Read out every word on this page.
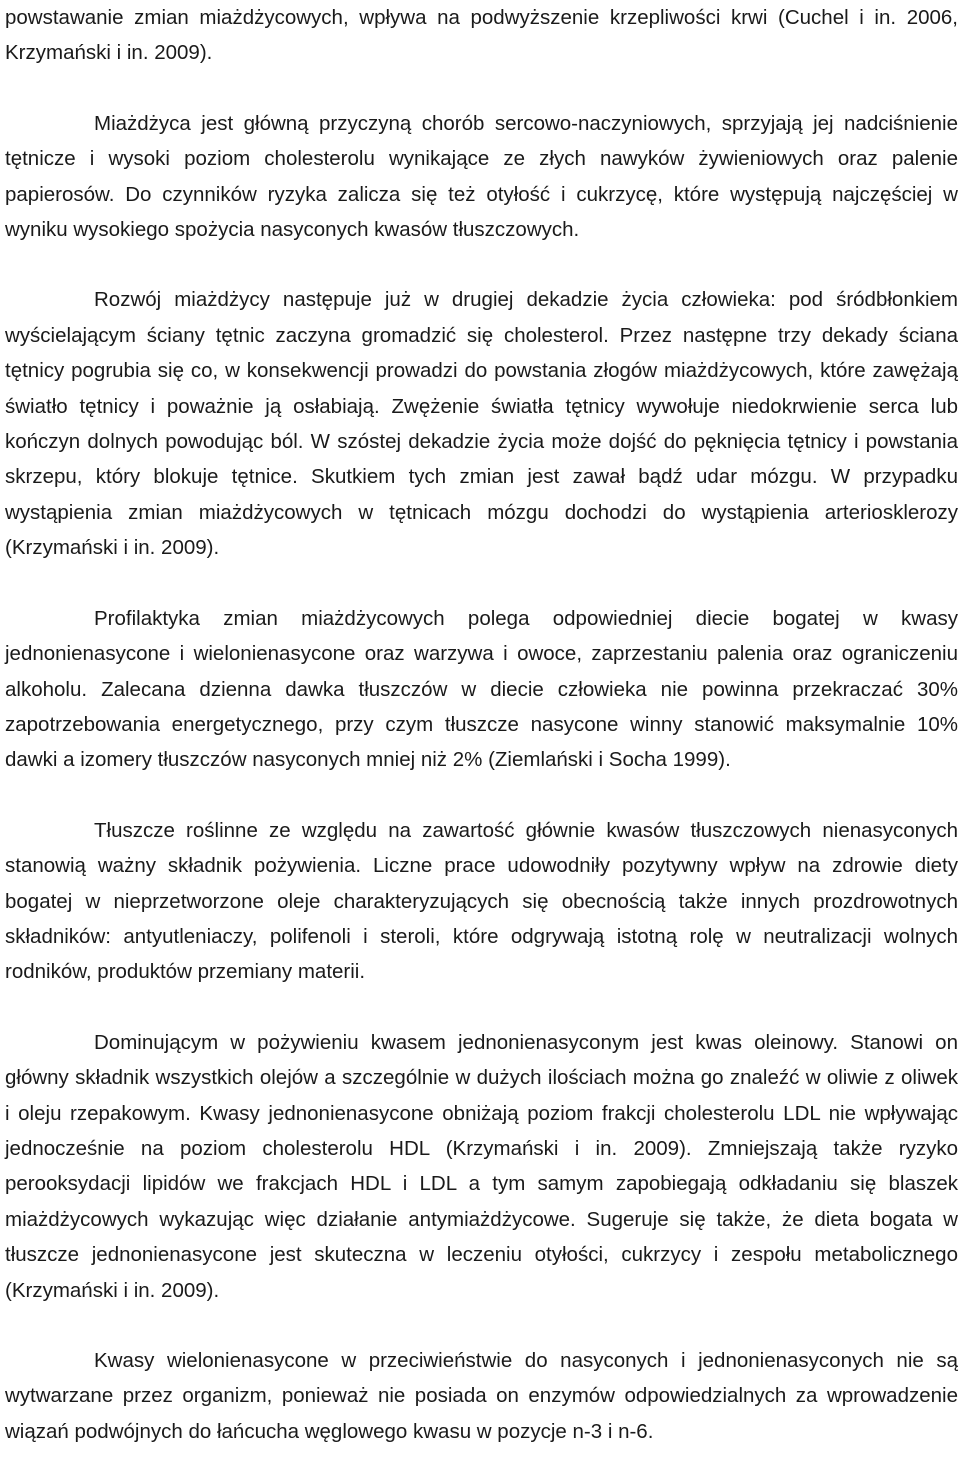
powstawanie zmian miażdżycowych, wpływa na podwyższenie krzepliwości krwi (Cuchel i in. 2006, Krzymański i in. 2009).

Miażdżyca jest główną przyczyną chorób sercowo-naczyniowych, sprzyjają jej nadciśnienie tętnicze i wysoki poziom cholesterolu wynikające ze złych nawyków żywieniowych oraz palenie papierosów. Do czynników ryzyka zalicza się też otyłość i cukrzycę, które występują najczęściej w wyniku wysokiego spożycia nasyconych kwasów tłuszczowych.

Rozwój miażdżycy następuje już w drugiej dekadzie życia człowieka: pod śródbłonkiem wyścielającym ściany tętnic zaczyna gromadzić się cholesterol. Przez następne trzy dekady ściana tętnicy pogrubia się co, w konsekwencji prowadzi do powstania złogów miażdżycowych, które zawężają światło tętnicy i poważnie ją osłabiają. Zwężenie światła tętnicy wywołuje niedokrwienie serca lub kończyn dolnych powodując ból. W szóstej dekadzie życia może dojść do pęknięcia tętnicy i powstania skrzepu, który blokuje tętnice. Skutkiem tych zmian jest zawał bądź udar mózgu. W przypadku wystąpienia zmian miażdżycowych w tętnicach mózgu dochodzi do wystąpienia arteriosklerozy (Krzymański i in. 2009).

Profilaktyka zmian miażdżycowych polega odpowiedniej diecie bogatej w kwasy jednonienasycone i wielonienasycone oraz warzywa i owoce, zaprzestaniu palenia oraz ograniczeniu alkoholu. Zalecana dzienna dawka tłuszczów w diecie człowieka nie powinna przekraczać 30% zapotrzebowania energetycznego, przy czym tłuszcze nasycone winny stanowić maksymalnie 10% dawki a izomery tłuszczów nasyconych mniej niż 2% (Ziemlański i Socha 1999).

Tłuszcze roślinne ze względu na zawartość głównie kwasów tłuszczowych nienasyconych stanowią ważny składnik pożywienia. Liczne prace udowodniły pozytywny wpływ na zdrowie diety bogatej w nieprzetworzone oleje charakteryzujących się obecnością także innych prozdrowotnych składników: antyutleniaczy, polifenoli i steroli, które odgrywają istotną rolę w neutralizacji wolnych rodników, produktów przemiany materii.

Dominującym w pożywieniu kwasem jednonienasyconym jest kwas oleinowy. Stanowi on główny składnik wszystkich olejów a szczególnie w dużych ilościach można go znaleźć w oliwie z oliwek i oleju rzepakowym. Kwasy jednonienasycone obniżają poziom frakcji cholesterolu LDL nie wpływając jednocześnie na poziom cholesterolu HDL (Krzymański i in. 2009). Zmniejszają także ryzyko perooksydacji lipidów we frakcjach HDL i LDL a tym samym zapobiegają odkładaniu się blaszek miażdżycowych wykazując więc działanie antymiażdżycowe. Sugeruje się także, że dieta bogata w tłuszcze jednonienasycone jest skuteczna w leczeniu otyłości, cukrzycy i zespołu metabolicznego (Krzymański i in. 2009).

Kwasy wielonienasycone w przeciwieństwie do nasyconych i jednonienasyconych nie są wytwarzane przez organizm, ponieważ nie posiada on enzymów odpowiedzialnych za wprowadzenie wiązań podwójnych do łańcucha węglowego kwasu w pozycje n-3 i n-6.
